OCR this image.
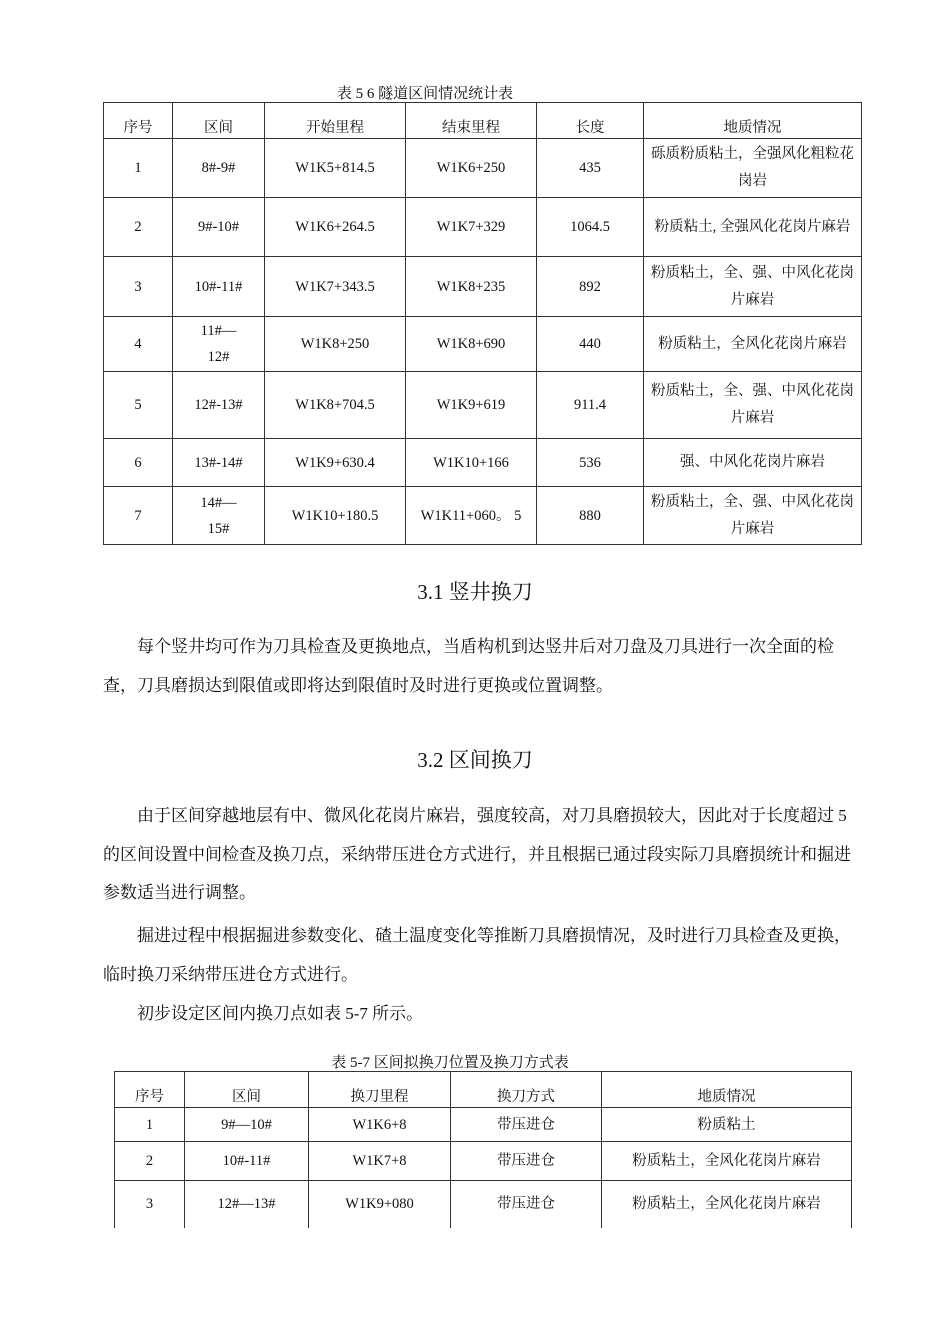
表 5 6 隧道区间情况统计表
序号	区间	开始里程	结束里程	长度	地质情况
1	8#-9#	W1K5+814.5	W1K6+250	435	砾质粉质粘土，全强风化粗粒花岗岩
2	9#-10#	W1K6+264.5	W1K7+329	1064.5	粉质粘土, 全强风化花岗片麻岩
3	10#-11#	W1K7+343.5	W1K8+235	892	粉质粘土，全、强、中风化花岗片麻岩
4	11#—12#	W1K8+250	W1K8+690	440	粉质粘土，全风化花岗片麻岩
5	12#-13#	W1K8+704.5	W1K9+619	911.4	粉质粘土，全、强、中风化花岗片麻岩
6	13#-14#	W1K9+630.4	W1K10+166	536	强、中风化花岗片麻岩
7	14#—15#	W1K10+180.5	W1K11+060。 5	880	粉质粘土，全、强、中风化花岗片麻岩
3.1 竖井换刀

每个竖井均可作为刀具检查及更换地点，当盾构机到达竖井后对刀盘及刀具进行一次全面的检查，刀具磨损达到限值或即将达到限值时及时进行更换或位置调整。

3.2 区间换刀

由于区间穿越地层有中、微风化花岗片麻岩，强度较高，对刀具磨损较大，因此对于长度超过 5 的区间设置中间检查及换刀点，采纳带压进仓方式进行，并且根据已通过段实际刀具磨损统计和掘进参数适当进行调整。

掘进过程中根据掘进参数变化、碴土温度变化等推断刀具磨损情况，及时进行刀具检查及更换，临时换刀采纳带压进仓方式进行。

初步设定区间内换刀点如表 5-7 所示。

表 5-7 区间拟换刀位置及换刀方式表
序号	区间	换刀里程	换刀方式	地质情况
1	9#—10#	W1K6+8	带压进仓	粉质粘土
2	10#-11#	W1K7+8	带压进仓	粉质粘土，全风化花岗片麻岩
3	12#—13#	W1K9+080	带压进仓	粉质粘土，全风化花岗片麻岩
